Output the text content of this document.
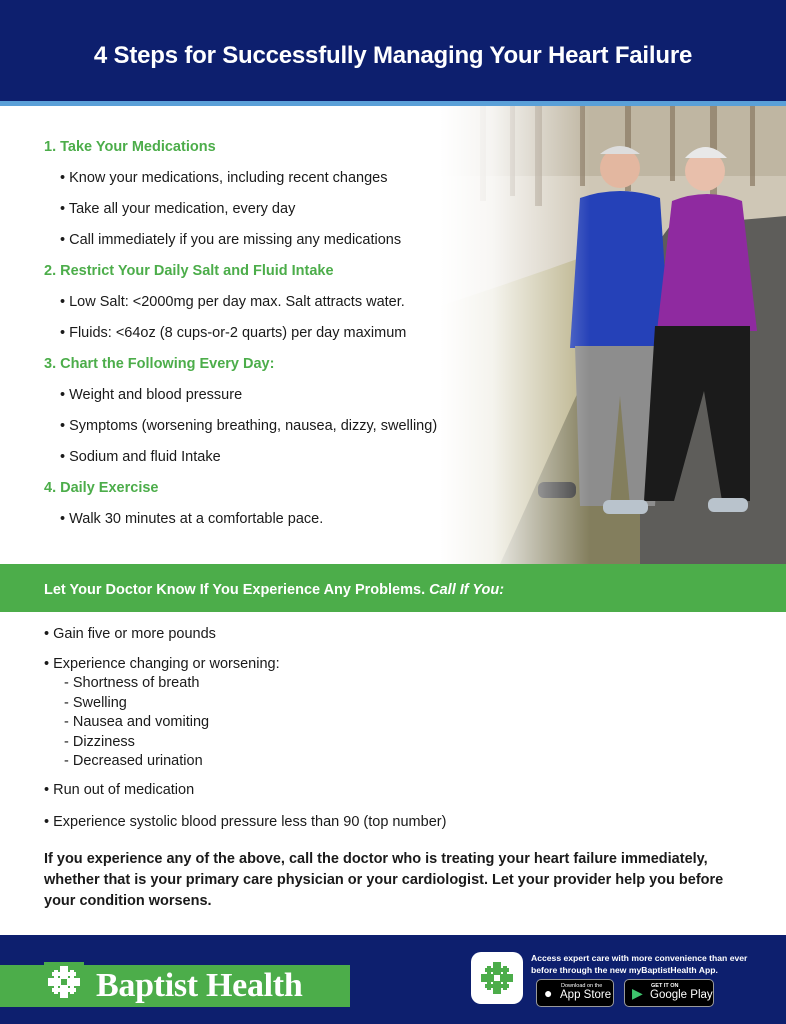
4 Steps for Successfully Managing Your Heart Failure
1. Take Your Medications
• Know your medications, including recent changes
• Take all your medication, every day
• Call immediately if you are missing any medications
2. Restrict Your Daily Salt and Fluid Intake
• Low Salt: <2000mg per day max. Salt attracts water.
• Fluids: <64oz (8 cups-or-2 quarts) per day maximum
3. Chart the Following Every Day:
• Weight and blood pressure
• Symptoms (worsening breathing, nausea, dizzy, swelling)
• Sodium and fluid Intake
4. Daily Exercise
• Walk 30 minutes at a comfortable pace.
Let Your Doctor Know If You Experience Any Problems. Call If You:
• Gain five or more pounds
• Experience changing or worsening:
- Shortness of breath
- Swelling
- Nausea and vomiting
- Dizziness
- Decreased urination
• Run out of medication
• Experience systolic blood pressure less than 90 (top number)
If you experience any of the above, call the doctor who is treating your heart failure immediately, whether that is your primary care physician or your cardiologist. Let your provider help you before your condition worsens.
Baptist Health
Access expert care with more convenience than ever before through the new myBaptistHealth App.
● Download on the
App Store ▶ GET IT ON
Google Play
